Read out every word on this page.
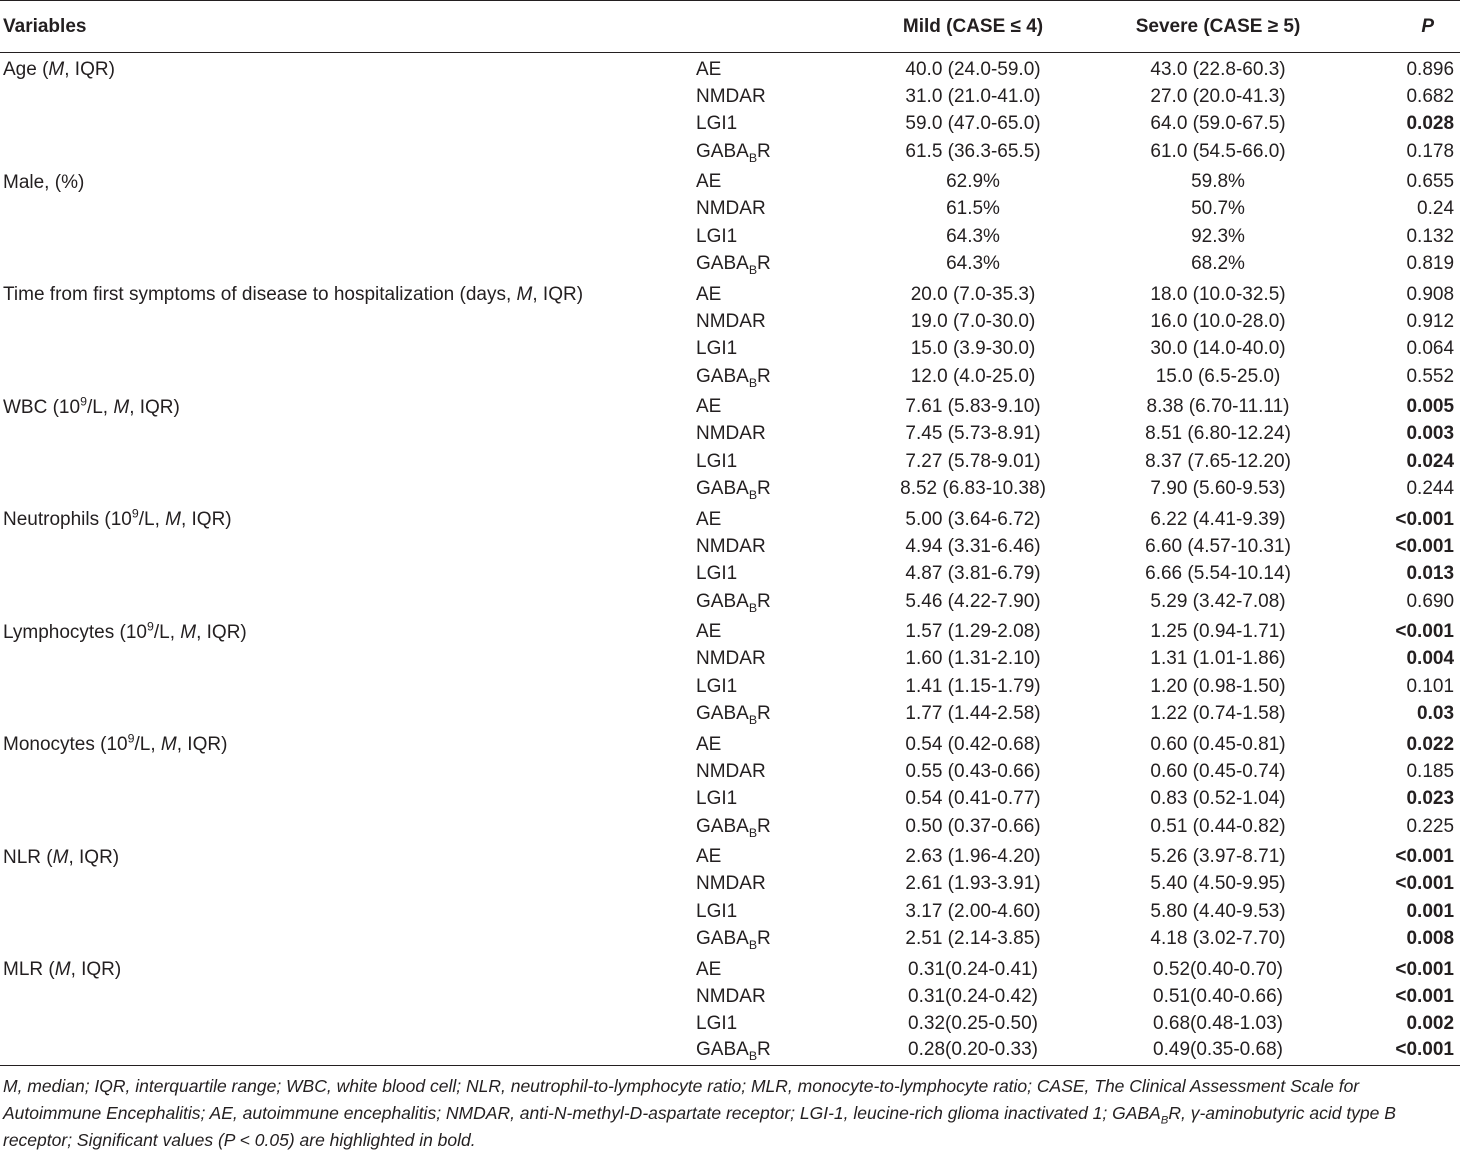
Variables		Mild (CASE ≤ 4)	Severe (CASE ≥ 5)	P
Age (M, IQR)	AE	40.0 (24.0-59.0)	43.0 (22.8-60.3)	0.896
	NMDAR	31.0 (21.0-41.0)	27.0 (20.0-41.3)	0.682
	LGI1	59.0 (47.0-65.0)	64.0 (59.0-67.5)	0.028
	$GABA_BR$	61.5 (36.3-65.5)	61.0 (54.5-66.0)	0.178
Male, (%)	AE	62.9%	59.8%	0.655
	NMDAR	61.5%	50.7%	0.24
	LGI1	64.3%	92.3%	0.132
	$GABA_BR$	64.3%	68.2%	0.819
Time from first symptoms of disease to hospitalization (days, M, IQR)	AE	20.0 (7.0-35.3)	18.0 (10.0-32.5)	0.908
	NMDAR	19.0 (7.0-30.0)	16.0 (10.0-28.0)	0.912
	LGI1	15.0 (3.9-30.0)	30.0 (14.0-40.0)	0.064
	$GABA_BR$	12.0 (4.0-25.0)	15.0 (6.5-25.0)	0.552
WBC ($10^9/L$, M, IQR)	AE	7.61 (5.83-9.10)	8.38 (6.70-11.11)	0.005
	NMDAR	7.45 (5.73-8.91)	8.51 (6.80-12.24)	0.003
	LGI1	7.27 (5.78-9.01)	8.37 (7.65-12.20)	0.024
	$GABA_BR$	8.52 (6.83-10.38)	7.90 (5.60-9.53)	0.244
Neutrophils ($10^9/L$, M, IQR)	AE	5.00 (3.64-6.72)	6.22 (4.41-9.39)	<0.001
	NMDAR	4.94 (3.31-6.46)	6.60 (4.57-10.31)	<0.001
	LGI1	4.87 (3.81-6.79)	6.66 (5.54-10.14)	0.013
	$GABA_BR$	5.46 (4.22-7.90)	5.29 (3.42-7.08)	0.690
Lymphocytes ($10^9/L$, M, IQR)	AE	1.57 (1.29-2.08)	1.25 (0.94-1.71)	<0.001
	NMDAR	1.60 (1.31-2.10)	1.31 (1.01-1.86)	0.004
	LGI1	1.41 (1.15-1.79)	1.20 (0.98-1.50)	0.101
	$GABA_BR$	1.77 (1.44-2.58)	1.22 (0.74-1.58)	0.03
Monocytes ($10^9/L$, M, IQR)	AE	0.54 (0.42-0.68)	0.60 (0.45-0.81)	0.022
	NMDAR	0.55 (0.43-0.66)	0.60 (0.45-0.74)	0.185
	LGI1	0.54 (0.41-0.77)	0.83 (0.52-1.04)	0.023
	$GABA_BR$	0.50 (0.37-0.66)	0.51 (0.44-0.82)	0.225
NLR (M, IQR)	AE	2.63 (1.96-4.20)	5.26 (3.97-8.71)	<0.001
	NMDAR	2.61 (1.93-3.91)	5.40 (4.50-9.95)	<0.001
	LGI1	3.17 (2.00-4.60)	5.80 (4.40-9.53)	0.001
	$GABA_BR$	2.51 (2.14-3.85)	4.18 (3.02-7.70)	0.008
MLR (M, IQR)	AE	0.31(0.24-0.41)	0.52(0.40-0.70)	<0.001
	NMDAR	0.31(0.24-0.42)	0.51(0.40-0.66)	<0.001
	LGI1	0.32(0.25-0.50)	0.68(0.48-1.03)	0.002
	$GABA_BR$	0.28(0.20-0.33)	0.49(0.35-0.68)	<0.001
M, median; IQR, interquartile range; WBC, white blood cell; NLR, neutrophil-to-lymphocyte ratio; MLR, monocyte-to-lymphocyte ratio; CASE, The Clinical Assessment Scale for Autoimmune Encephalitis; AE, autoimmune encephalitis; NMDAR, anti-N-methyl-D-aspartate receptor; LGI-1, leucine-rich glioma inactivated 1; $GABA_BR$, γ-aminobutyric acid type B receptor; Significant values (P < 0.05) are highlighted in bold.
